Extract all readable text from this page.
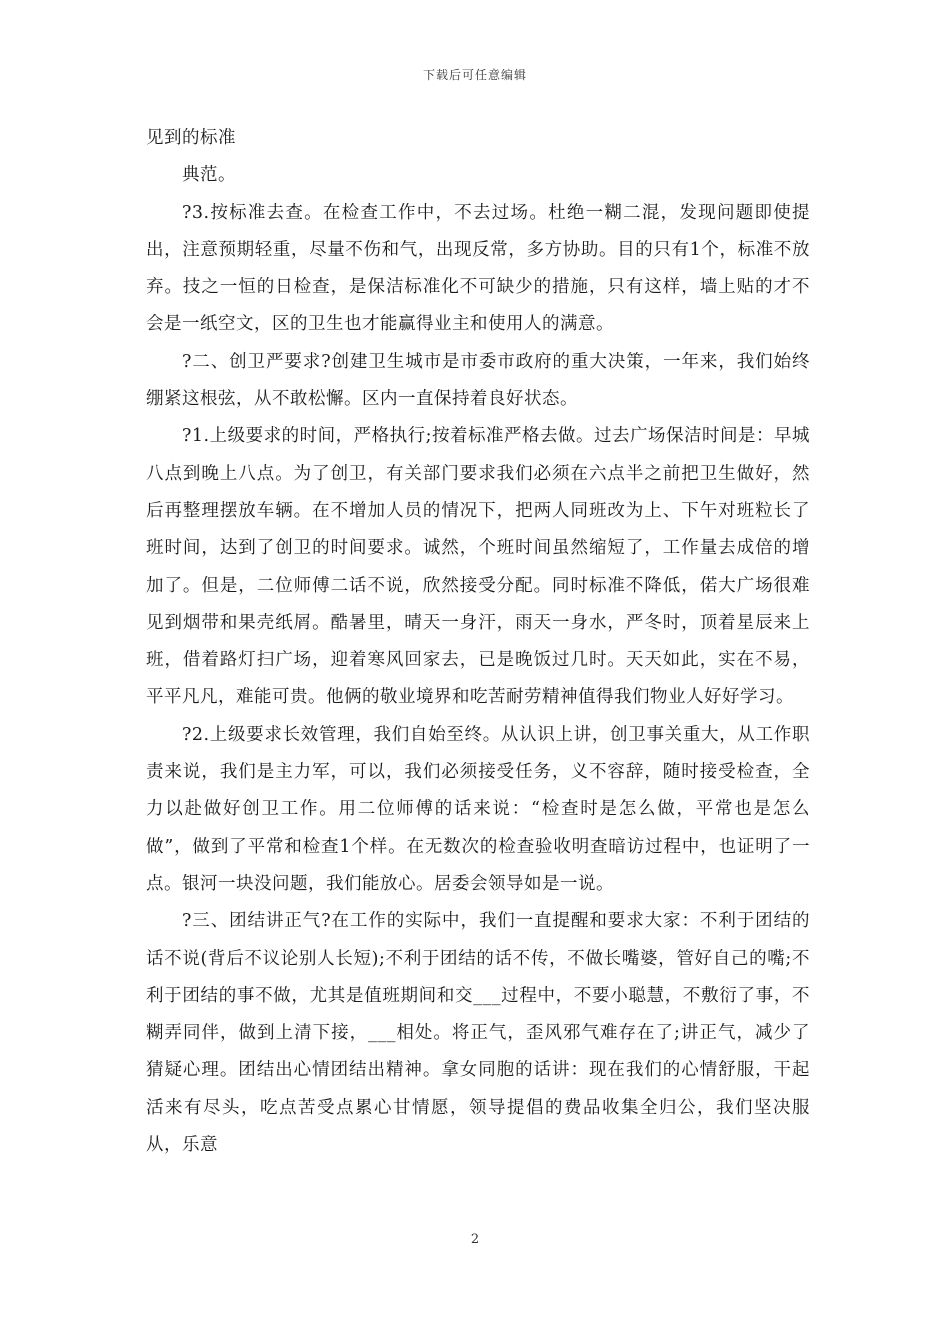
下载后可任意编辑

见到的标准

典范。

?3.按标准去查。在检查工作中，不去过场。杜绝一糊二混，发现问题即使提出，注意预期轻重，尽量不伤和气，出现反常，多方协助。目的只有1个，标准不放弃。技之一恒的日检查，是保洁标准化不可缺少的措施，只有这样，墙上贴的才不会是一纸空文，区的卫生也才能赢得业主和使用人的满意。

?二、创卫严要求?创建卫生城市是市委市政府的重大决策，一年来，我们始终绷紧这根弦，从不敢松懈。区内一直保持着良好状态。

?1.上级要求的时间，严格执行;按着标准严格去做。过去广场保洁时间是：早城八点到晚上八点。为了创卫，有关部门要求我们必须在六点半之前把卫生做好，然后再整理摆放车辆。在不增加人员的情况下，把两人同班改为上、下午对班粒长了班时间，达到了创卫的时间要求。诚然，个班时间虽然缩短了，工作量去成倍的增加了。但是，二位师傅二话不说，欣然接受分配。同时标准不降低，偌大广场很难见到烟带和果壳纸屑。酷暑里，晴天一身汗，雨天一身水，严冬时，顶着星辰来上班，借着路灯扫广场，迎着寒风回家去，已是晚饭过几时。天天如此，实在不易，平平凡凡，难能可贵。他俩的敬业境界和吃苦耐劳精神值得我们物业人好好学习。

?2.上级要求长效管理，我们自始至终。从认识上讲，创卫事关重大，从工作职责来说，我们是主力军，可以，我们必须接受任务，义不容辞，随时接受检查，全力以赴做好创卫工作。用二位师傅的话来说：“检查时是怎么做，平常也是怎么做”，做到了平常和检查1个样。在无数次的检查验收明查暗访过程中，也证明了一点。银河一块没问题，我们能放心。居委会领导如是一说。

?三、团结讲正气?在工作的实际中，我们一直提醒和要求大家：不利于团结的话不说(背后不议论别人长短);不利于团结的话不传，不做长嘴婆，管好自己的嘴;不利于团结的事不做，尤其是值班期间和交___过程中，不要小聪慧，不敷衍了事，不糊弄同伴，做到上清下接，___相处。将正气，歪风邪气难存在了;讲正气，减少了猜疑心理。团结出心情团结出精神。拿女同胞的话讲：现在我们的心情舒服，干起活来有尽头，吃点苦受点累心甘情愿，领导提倡的费品收集全归公，我们坚决服从，乐意

2
